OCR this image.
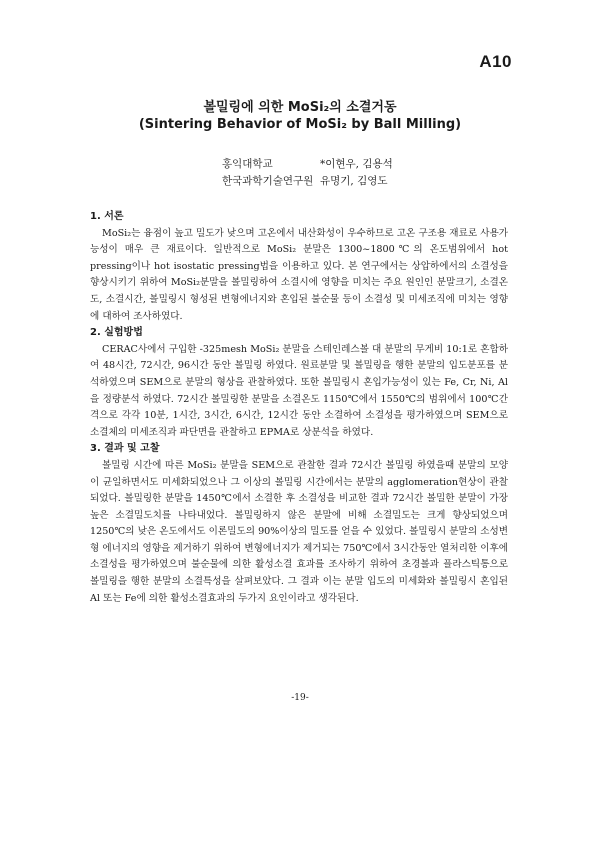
A10
볼밀링에 의한 MoSi₂의 소결거동
(Sintering Behavior of MoSi₂ by Ball Milling)
홍익대학교	*이현우, 김용석
한국과학기술연구원 유명기, 김영도
1. 서론

MoSi₂는 융점이 높고 밀도가 낮으며 고온에서 내산화성이 우수하므로 고온 구조용 재료로 사용가능성이 매우 큰 재료이다. 일반적으로 MoSi₂ 분말은 1300~1800℃의 온도범위에서 hot pressing이나 hot isostatic pressing법을 이용하고 있다. 본 연구에서는 상압하에서의 소결성을 향상시키기 위하여 MoSi₂분말을 볼밀링하여 소결시에 영향을 미치는 주요 원인인 분말크기, 소결온도, 소결시간, 볼밀링시 형성된 변형에너지와 혼입된 불순물 등이 소결성 및 미세조직에 미치는 영향에 대하여 조사하였다.

2. 실험방법

CERAC사에서 구입한 -325mesh MoSi₂ 분말을 스테인레스볼 대 분말의 무게비 10:1로 혼합하여 48시간, 72시간, 96시간 동안 볼밀링 하였다. 원료분말 및 볼밀링을 행한 분말의 입도분포를 분석하였으며 SEM으로 분말의 형상을 관찰하였다. 또한 볼밀링시 혼입가능성이 있는 Fe, Cr, Ni, Al을 정량분석 하였다. 72시간 볼밀링한 분말을 소결온도 1150℃에서 1550℃의 범위에서 100℃간격으로 각각 10분, 1시간, 3시간, 6시간, 12시간 동안 소결하여 소결성을 평가하였으며 SEM으로 소결체의 미세조직과 파단면을 관찰하고 EPMA로 상분석을 하였다.

3. 결과 및 고찰

볼밀링 시간에 따른 MoSi₂ 분말을 SEM으로 관찰한 결과 72시간 볼밀링 하였을때 분말의 모양이 균일하면서도 미세화되었으나 그 이상의 볼밀링 시간에서는 분말의 agglomeration현상이 관찰되었다. 볼밀링한 분말을 1450℃에서 소결한 후 소결성을 비교한 결과 72시간 볼밀한 분말이 가장 높은 소결밀도치를 나타내었다. 볼밀링하지 않은 분말에 비해 소결밀도는 크게 향상되었으며 1250℃의 낮은 온도에서도 이론밀도의 90%이상의 밀도를 얻을 수 있었다. 볼밀링시 분말의 소성변형 에너지의 영향을 제거하기 위하여 변형에너지가 제거되는 750℃에서 3시간동안 열처리한 이후에 소결성을 평가하였으며 불순물에 의한 활성소결 효과를 조사하기 위하여 초경볼과 플라스틱통으로 볼밀링을 행한 분말의 소결특성을 살펴보았다. 그 결과 이는 분말 입도의 미세화와 볼밀링시 혼입된 Al 또는 Fe에 의한 활성소결효과의 두가지 요인이라고 생각된다.

-19-
